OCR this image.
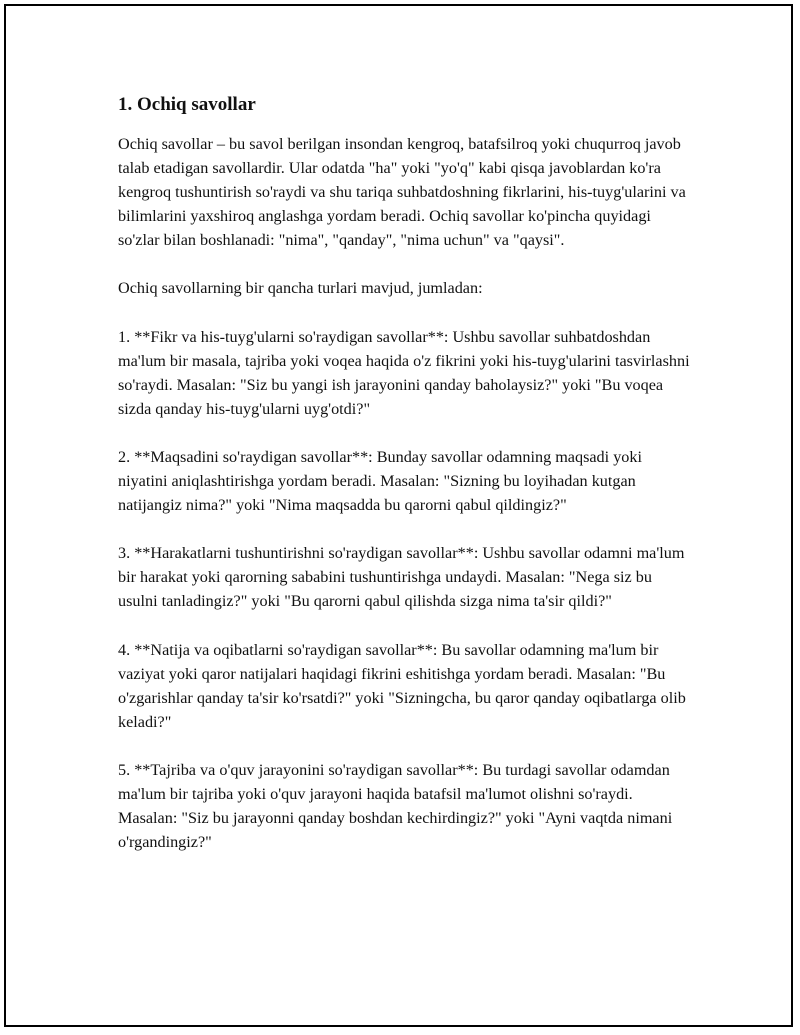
1. Ochiq savollar

Ochiq savollar – bu savol berilgan insondan kengroq, batafsilroq yoki chuqurroq javob talab etadigan savollardir. Ular odatda "ha" yoki "yo'q" kabi qisqa javoblardan ko'ra kengroq tushuntirish so'raydi va shu tariqa suhbatdoshning fikrlarini, his-tuyg'ularini va bilimlarini yaxshiroq anglashga yordam beradi. Ochiq savollar ko'pincha quyidagi so'zlar bilan boshlanadi: "nima", "qanday", "nima uchun" va "qaysi".

Ochiq savollarning bir qancha turlari mavjud, jumladan:

1. **Fikr va his-tuyg'ularni so'raydigan savollar**: Ushbu savollar suhbatdoshdan ma'lum bir masala, tajriba yoki voqea haqida o'z fikrini yoki his-tuyg'ularini tasvirlashni so'raydi. Masalan: "Siz bu yangi ish jarayonini qanday baholaysiz?" yoki "Bu voqea sizda qanday his-tuyg'ularni uyg'otdi?"

2. **Maqsadini so'raydigan savollar**: Bunday savollar odamning maqsadi yoki niyatini aniqlashtirishga yordam beradi. Masalan: "Sizning bu loyihadan kutgan natijangiz nima?" yoki "Nima maqsadda bu qarorni qabul qildingiz?"

3. **Harakatlarni tushuntirishni so'raydigan savollar**: Ushbu savollar odamni ma'lum bir harakat yoki qarorning sababini tushuntirishga undaydi. Masalan: "Nega siz bu usulni tanladingiz?" yoki "Bu qarorni qabul qilishda sizga nima ta'sir qildi?"

4. **Natija va oqibatlarni so'raydigan savollar**: Bu savollar odamning ma'lum bir vaziyat yoki qaror natijalari haqidagi fikrini eshitishga yordam beradi. Masalan: "Bu o'zgarishlar qanday ta'sir ko'rsatdi?" yoki "Sizningcha, bu qaror qanday oqibatlarga olib keladi?"

5. **Tajriba va o'quv jarayonini so'raydigan savollar**: Bu turdagi savollar odamdan ma'lum bir tajriba yoki o'quv jarayoni haqida batafsil ma'lumot olishni so'raydi. Masalan: "Siz bu jarayonni qanday boshdan kechirdingiz?" yoki "Ayni vaqtda nimani o'rgandingiz?"
